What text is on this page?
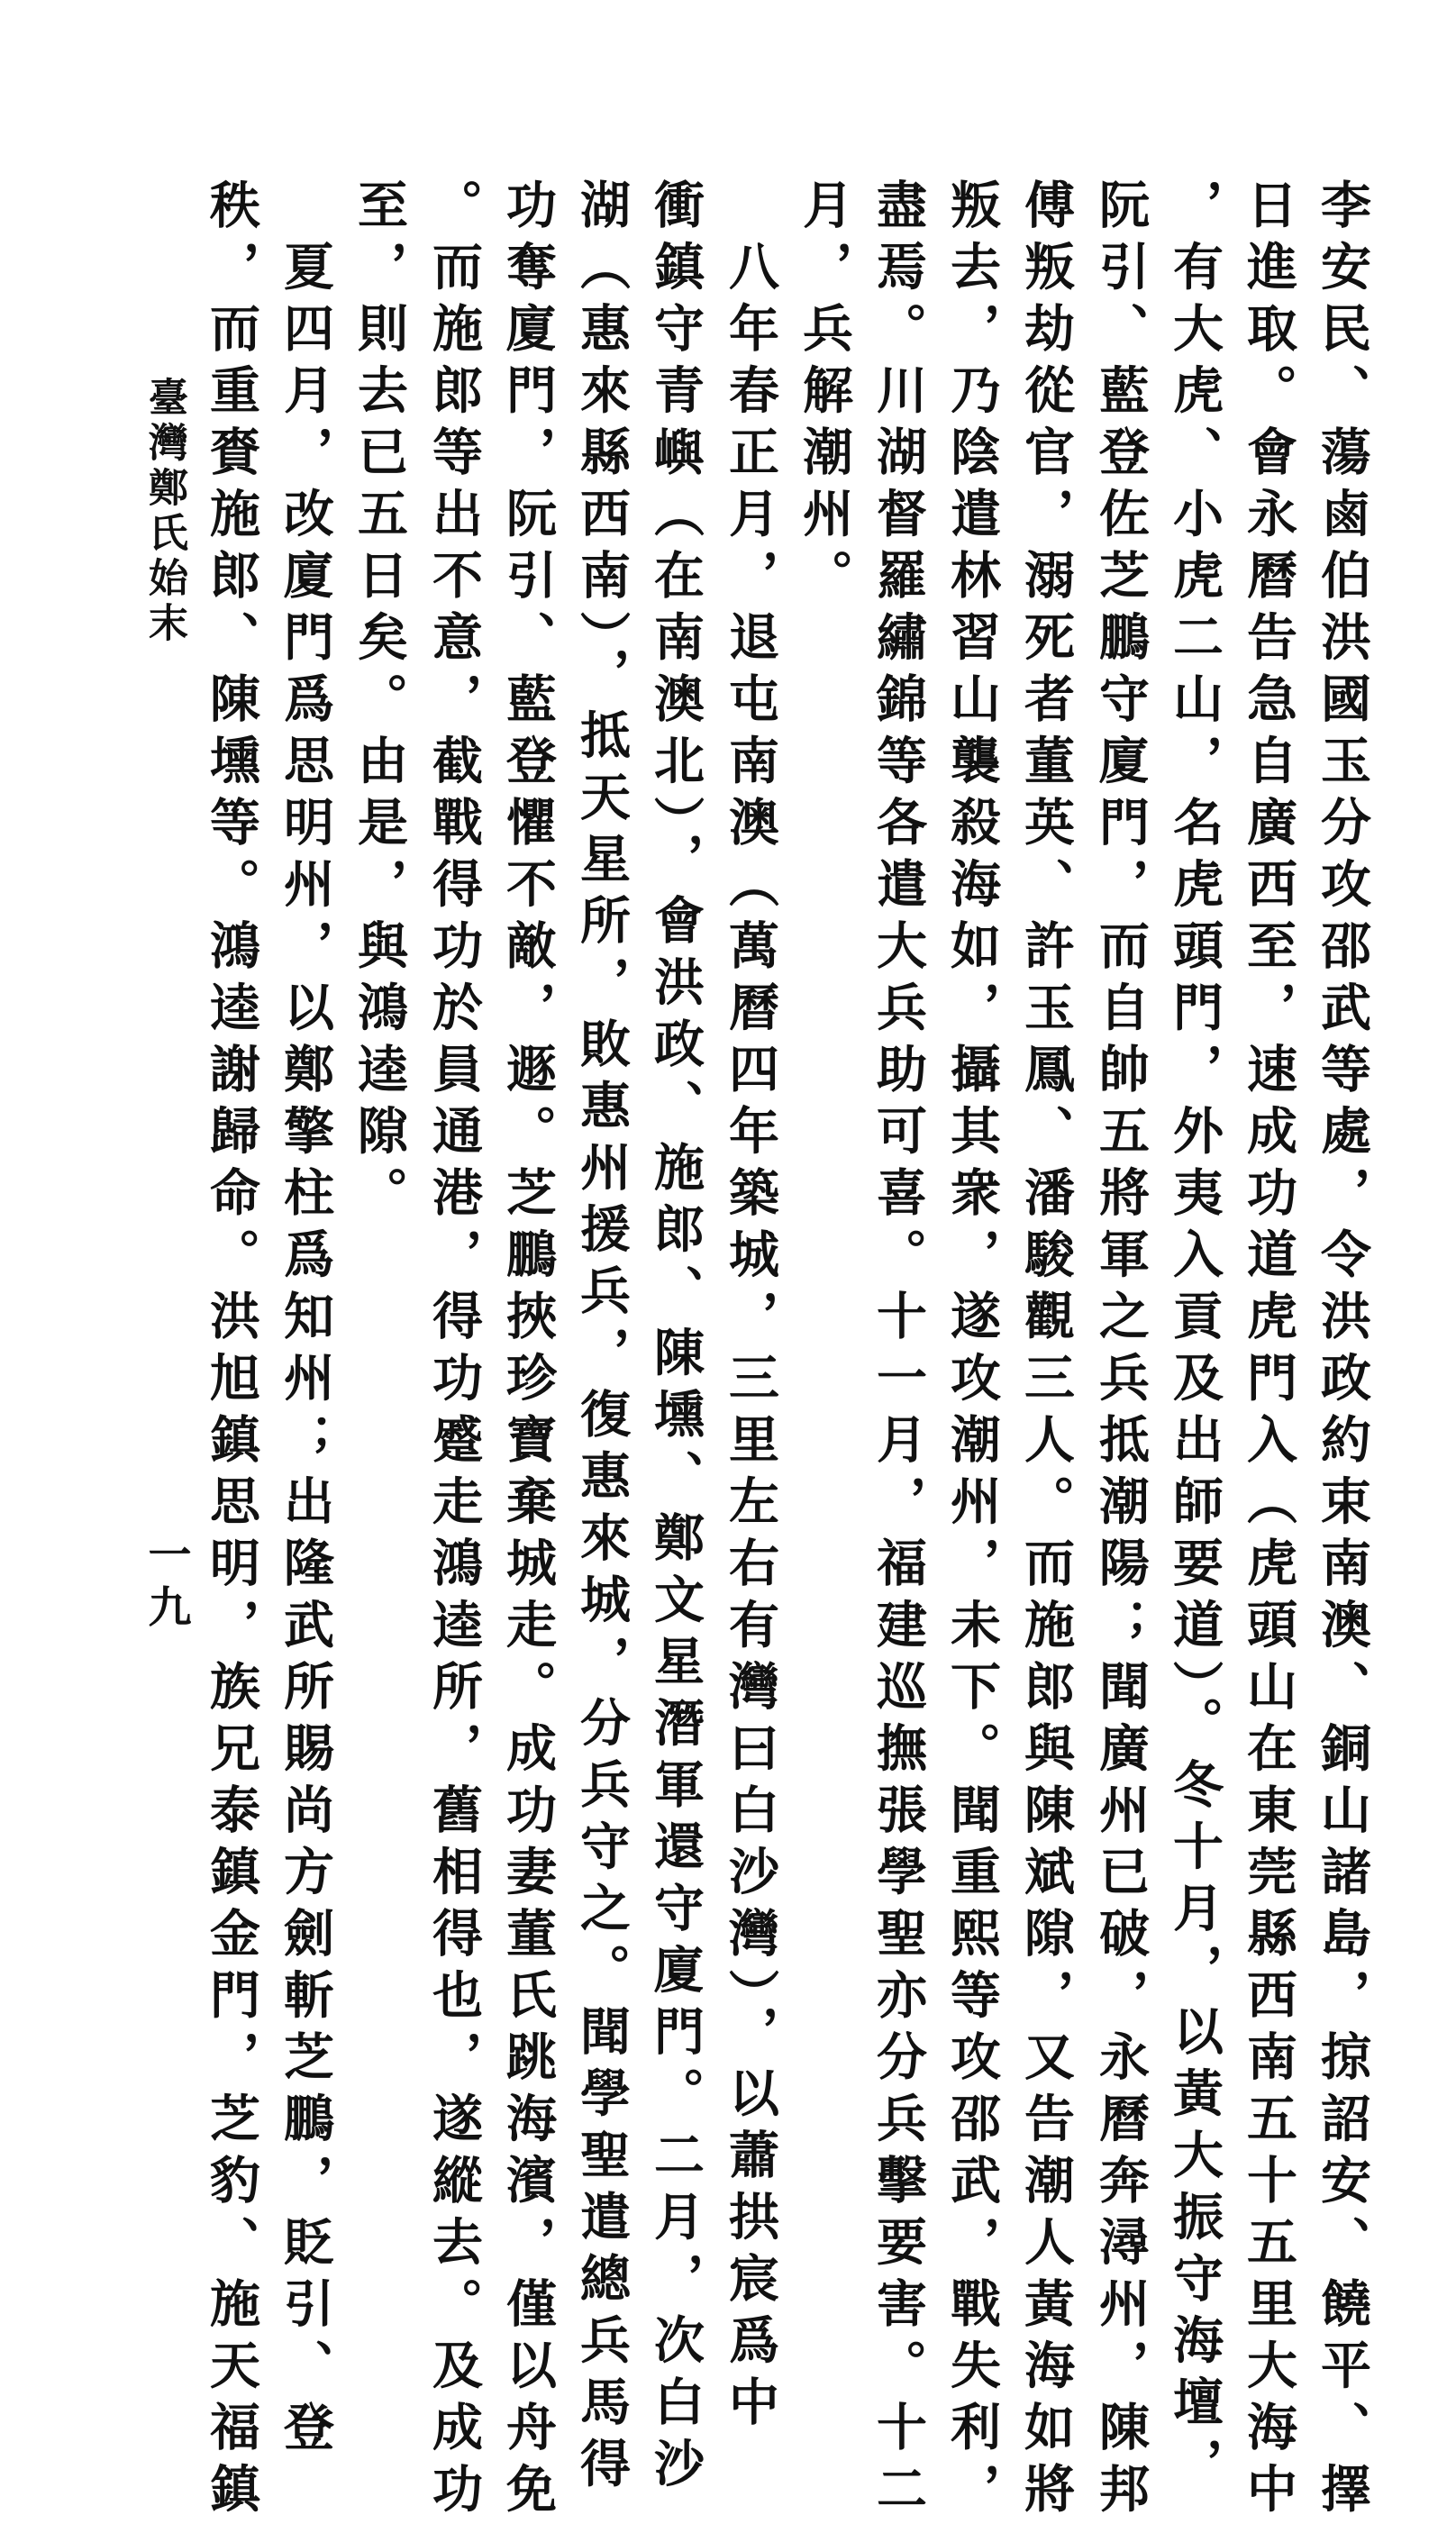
李安民、蕩鹵伯洪國玉分攻邵武等處，令洪政約束南澳、銅山諸島，掠詔安、饒平、擇
日進取。會永曆告急自廣西至，速成功道虎門入（虎頭山在東莞縣西南五十五里大海中
，有大虎、小虎二山，名虎頭門，外夷入貢及出師要道）。冬十月，以黃大振守海壇，
阮引、藍登佐芝鵬守廈門，而自帥五將軍之兵抵潮陽；聞廣州已破，永曆奔潯州，陳邦
傅叛劫從官，溺死者董英、許玉鳳、潘駿觀三人。而施郎與陳斌隙，又告潮人黃海如將
叛去，乃陰遣林習山襲殺海如，攝其衆，遂攻潮州，未下。聞重熙等攻邵武，戰失利，
盡焉。川湖督羅繡錦等各遣大兵助可喜。十一月，福建巡撫張學聖亦分兵擊要害。十二
月，兵解潮州。
　八年春正月，退屯南澳（萬曆四年築城，三里左右有灣曰白沙灣），以蕭拱宸爲中
衝鎮守青嶼（在南澳北），會洪政、施郎、陳壎、鄭文星潛軍還守廈門。二月，次白沙
湖（惠來縣西南），抵天星所，敗惠州援兵，復惠來城，分兵守之。聞學聖遣總兵馬得
功奪廈門，阮引、藍登懼不敵，遯。芝鵬挾珍寶棄城走。成功妻董氏跳海濱，僅以舟免
。而施郎等出不意，截戰得功於員通港，得功蹙走鴻逵所，舊相得也，遂縱去。及成功
至，則去已五日矣。由是，與鴻逵隙。
　夏四月，改廈門爲思明州，以鄭擎柱爲知州；出隆武所賜尚方劍斬芝鵬，貶引、登
秩，而重賚施郎、陳壎等。鴻逵謝歸命。洪旭鎮思明，族兄泰鎮金門，芝豹、施天福鎮
臺灣鄭氏始末
一九
